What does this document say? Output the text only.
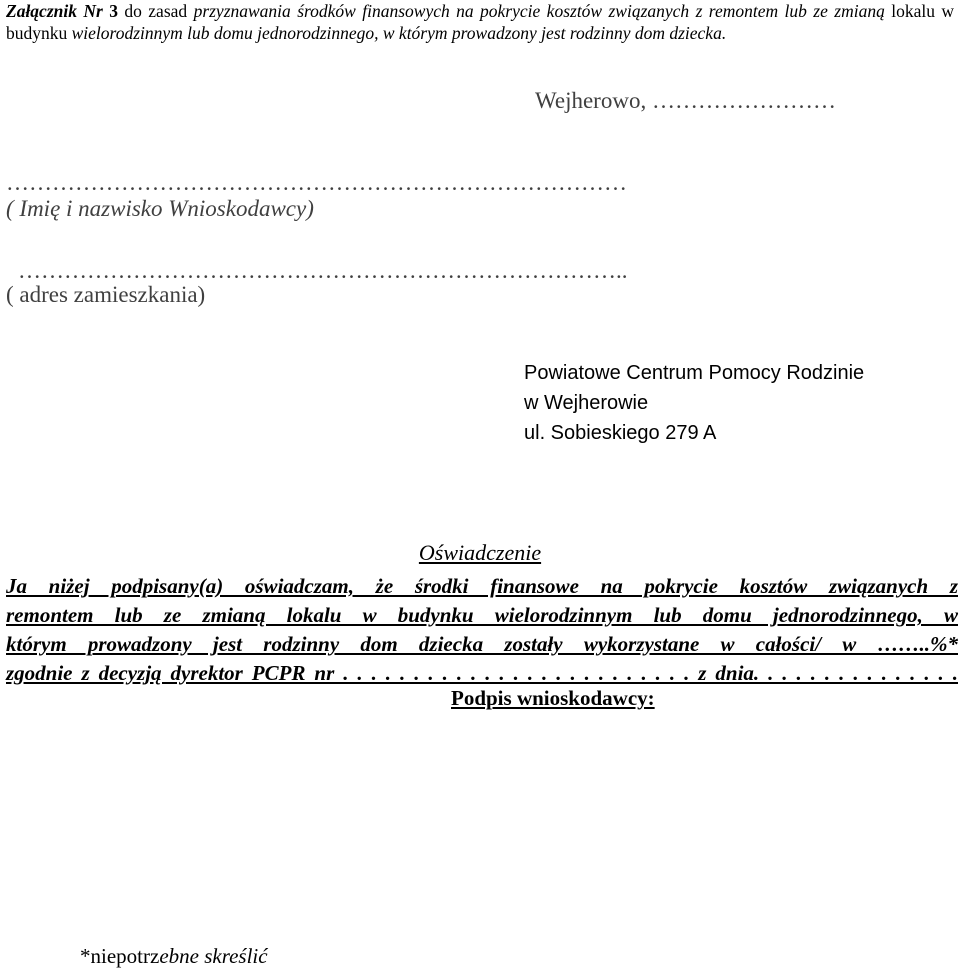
Załącznik Nr 3 do zasad przyznawania środków finansowych na pokrycie kosztów związanych z remontem lub ze zmianą lokalu w budynku wielorodzinnym lub domu jednorodzinnego, w którym prowadzony jest rodzinny dom dziecka.
Wejherowo, ……………………
………………………………………………………………………
( Imię i nazwisko Wnioskodawcy)
……………………………………………………………………..
( adres zamieszkania)
Powiatowe Centrum Pomocy Rodzinie
w Wejherowie
ul. Sobieskiego 279 A
Oświadczenie
Ja niżej podpisany(a) oświadczam, że środki finansowe na pokrycie kosztów związanych z
remontem lub ze zmianą lokalu w budynku wielorodzinnym lub domu jednorodzinnego, w
którym prowadzony jest rodzinny dom dziecka zostały wykorzystane w całości/ w ……..%*
zgodnie z decyzją dyrektor PCPR nr . . . . . . . . . . . . . . . . . . . . . . . . . z dnia. . . . . . . . . . . . . . .
Podpis wnioskodawcy:
*niepotrzebne skreślić
